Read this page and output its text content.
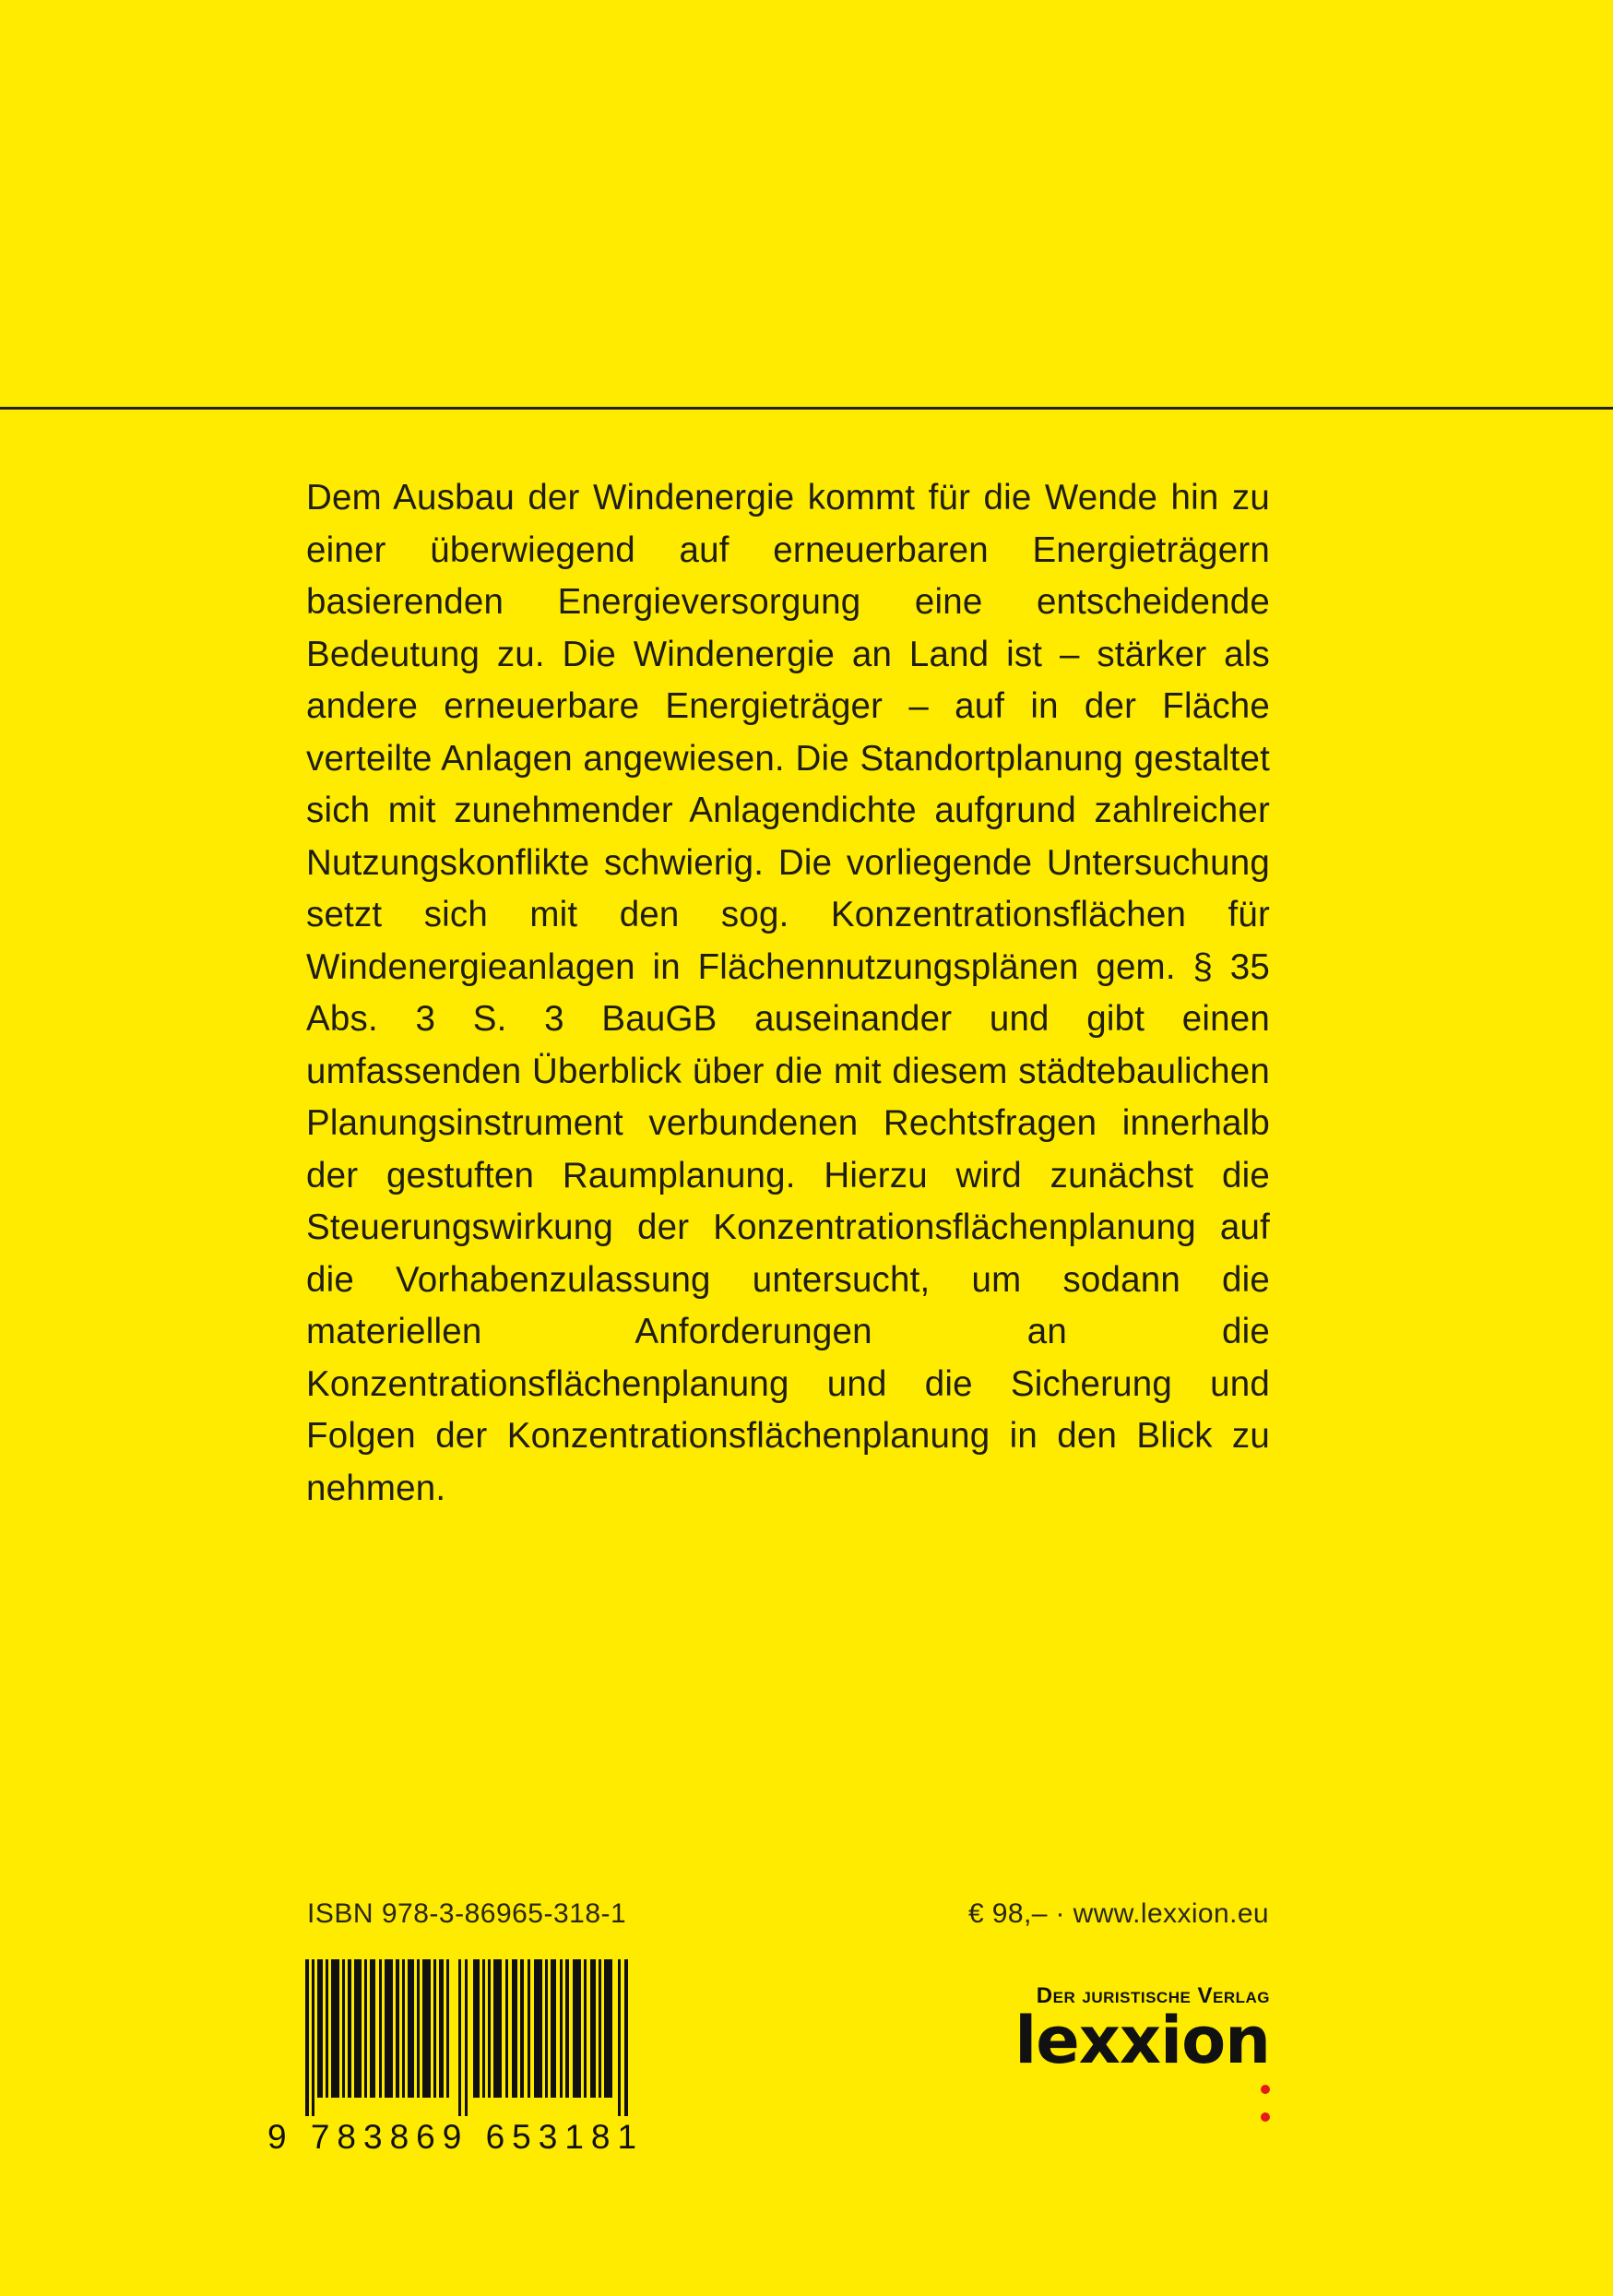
Dem Ausbau der Windenergie kommt für die Wende hin zu einer überwiegend auf erneuerbaren Energieträgern basierenden Energieversorgung eine entscheidende Bedeutung zu. Die Windenergie an Land ist – stärker als andere erneuerbare Energieträger – auf in der Fläche verteilte Anlagen angewiesen. Die Standortplanung gestaltet sich mit zunehmender Anlagendichte aufgrund zahlreicher Nutzungskonflikte schwierig. Die vorliegende Untersuchung setzt sich mit den sog. Konzentrationsflächen für Windenergieanlagen in Flächennutzungsplänen gem. § 35 Abs. 3 S. 3 BauGB auseinander und gibt einen umfassenden Überblick über die mit diesem städtebaulichen Planungsinstrument verbundenen Rechtsfragen innerhalb der gestuften Raumplanung. Hierzu wird zunächst die Steuerungswirkung der Konzentrationsflächenplanung auf die Vorhabenzulassung untersucht, um sodann die materiellen Anforderungen an die Konzentrationsflächenplanung und die Sicherung und Folgen der Konzentrationsflächenplanung in den Blick zu nehmen.

ISBN 978-3-86965-318-1	€ 98,– · www.lexxion.eu
9 783869 653181
Der juristische Verlag
lexxion
